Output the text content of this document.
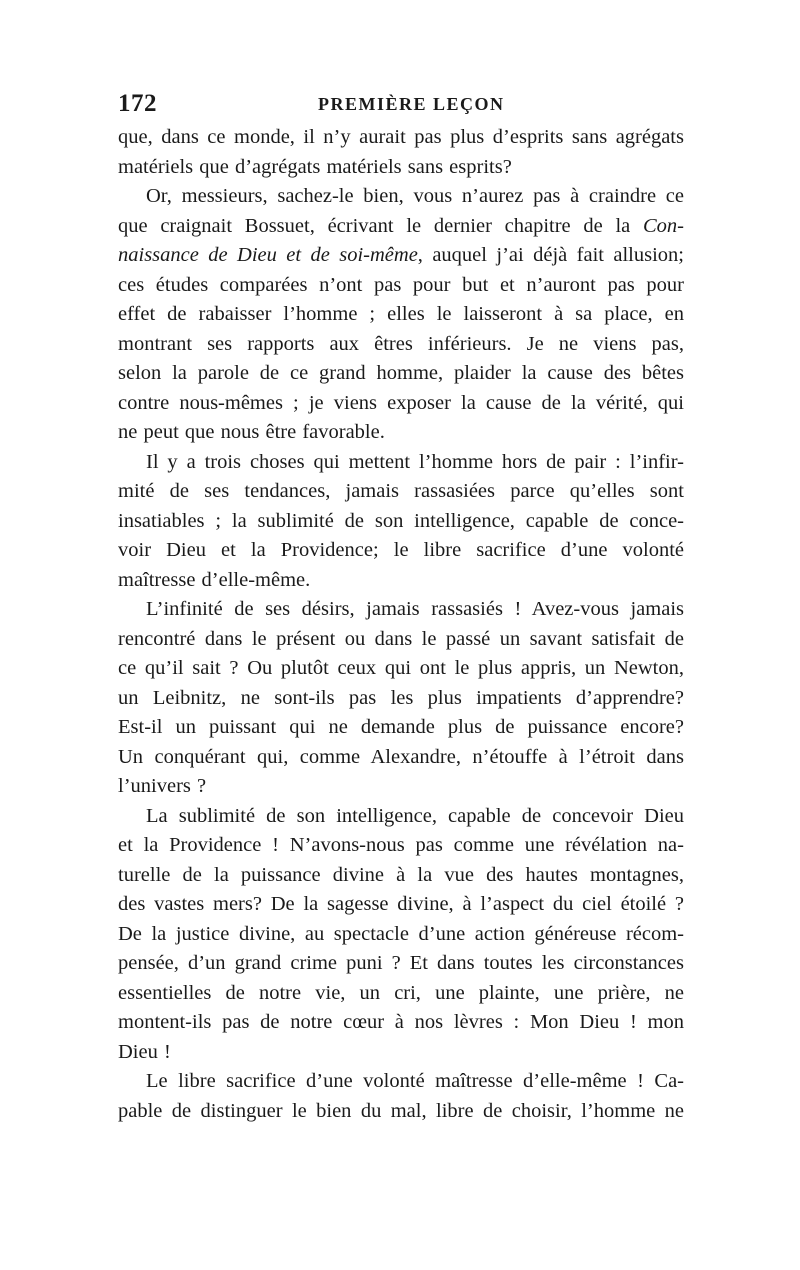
172	PREMIÈRE LEÇON
que, dans ce monde, il n’y aurait pas plus d’esprits sans agrégats
matériels que d’agrégats matériels sans esprits?
Or, messieurs, sachez-le bien, vous n’aurez pas à craindre ce
que craignait Bossuet, écrivant le dernier chapitre de la Con-
naissance de Dieu et de soi-même, auquel j’ai déjà fait allusion;
ces études comparées n’ont pas pour but et n’auront pas pour
effet de rabaisser l’homme ; elles le laisseront à sa place, en
montrant ses rapports aux êtres inférieurs. Je ne viens pas,
selon la parole de ce grand homme, plaider la cause des bêtes
contre nous-mêmes ; je viens exposer la cause de la vérité, qui
ne peut que nous être favorable.
Il y a trois choses qui mettent l’homme hors de pair : l’infir-
mité de ses tendances, jamais rassasiées parce qu’elles sont
insatiables ; la sublimité de son intelligence, capable de conce-
voir Dieu et la Providence; le libre sacrifice d’une volonté
maîtresse d’elle-même.
L’infinité de ses désirs, jamais rassasiés ! Avez-vous jamais
rencontré dans le présent ou dans le passé un savant satisfait de
ce qu’il sait ? Ou plutôt ceux qui ont le plus appris, un Newton,
un Leibnitz, ne sont-ils pas les plus impatients d’apprendre?
Est-il un puissant qui ne demande plus de puissance encore?
Un conquérant qui, comme Alexandre, n’étouffe à l’étroit dans
l’univers ?
La sublimité de son intelligence, capable de concevoir Dieu
et la Providence ! N’avons-nous pas comme une révélation na-
turelle de la puissance divine à la vue des hautes montagnes,
des vastes mers? De la sagesse divine, à l’aspect du ciel étoilé ?
De la justice divine, au spectacle d’une action généreuse récom-
pensée, d’un grand crime puni ? Et dans toutes les circonstances
essentielles de notre vie, un cri, une plainte, une prière, ne
montent-ils pas de notre cœur à nos lèvres : Mon Dieu ! mon
Dieu !
Le libre sacrifice d’une volonté maîtresse d’elle-même ! Ca-
pable de distinguer le bien du mal, libre de choisir, l’homme ne
